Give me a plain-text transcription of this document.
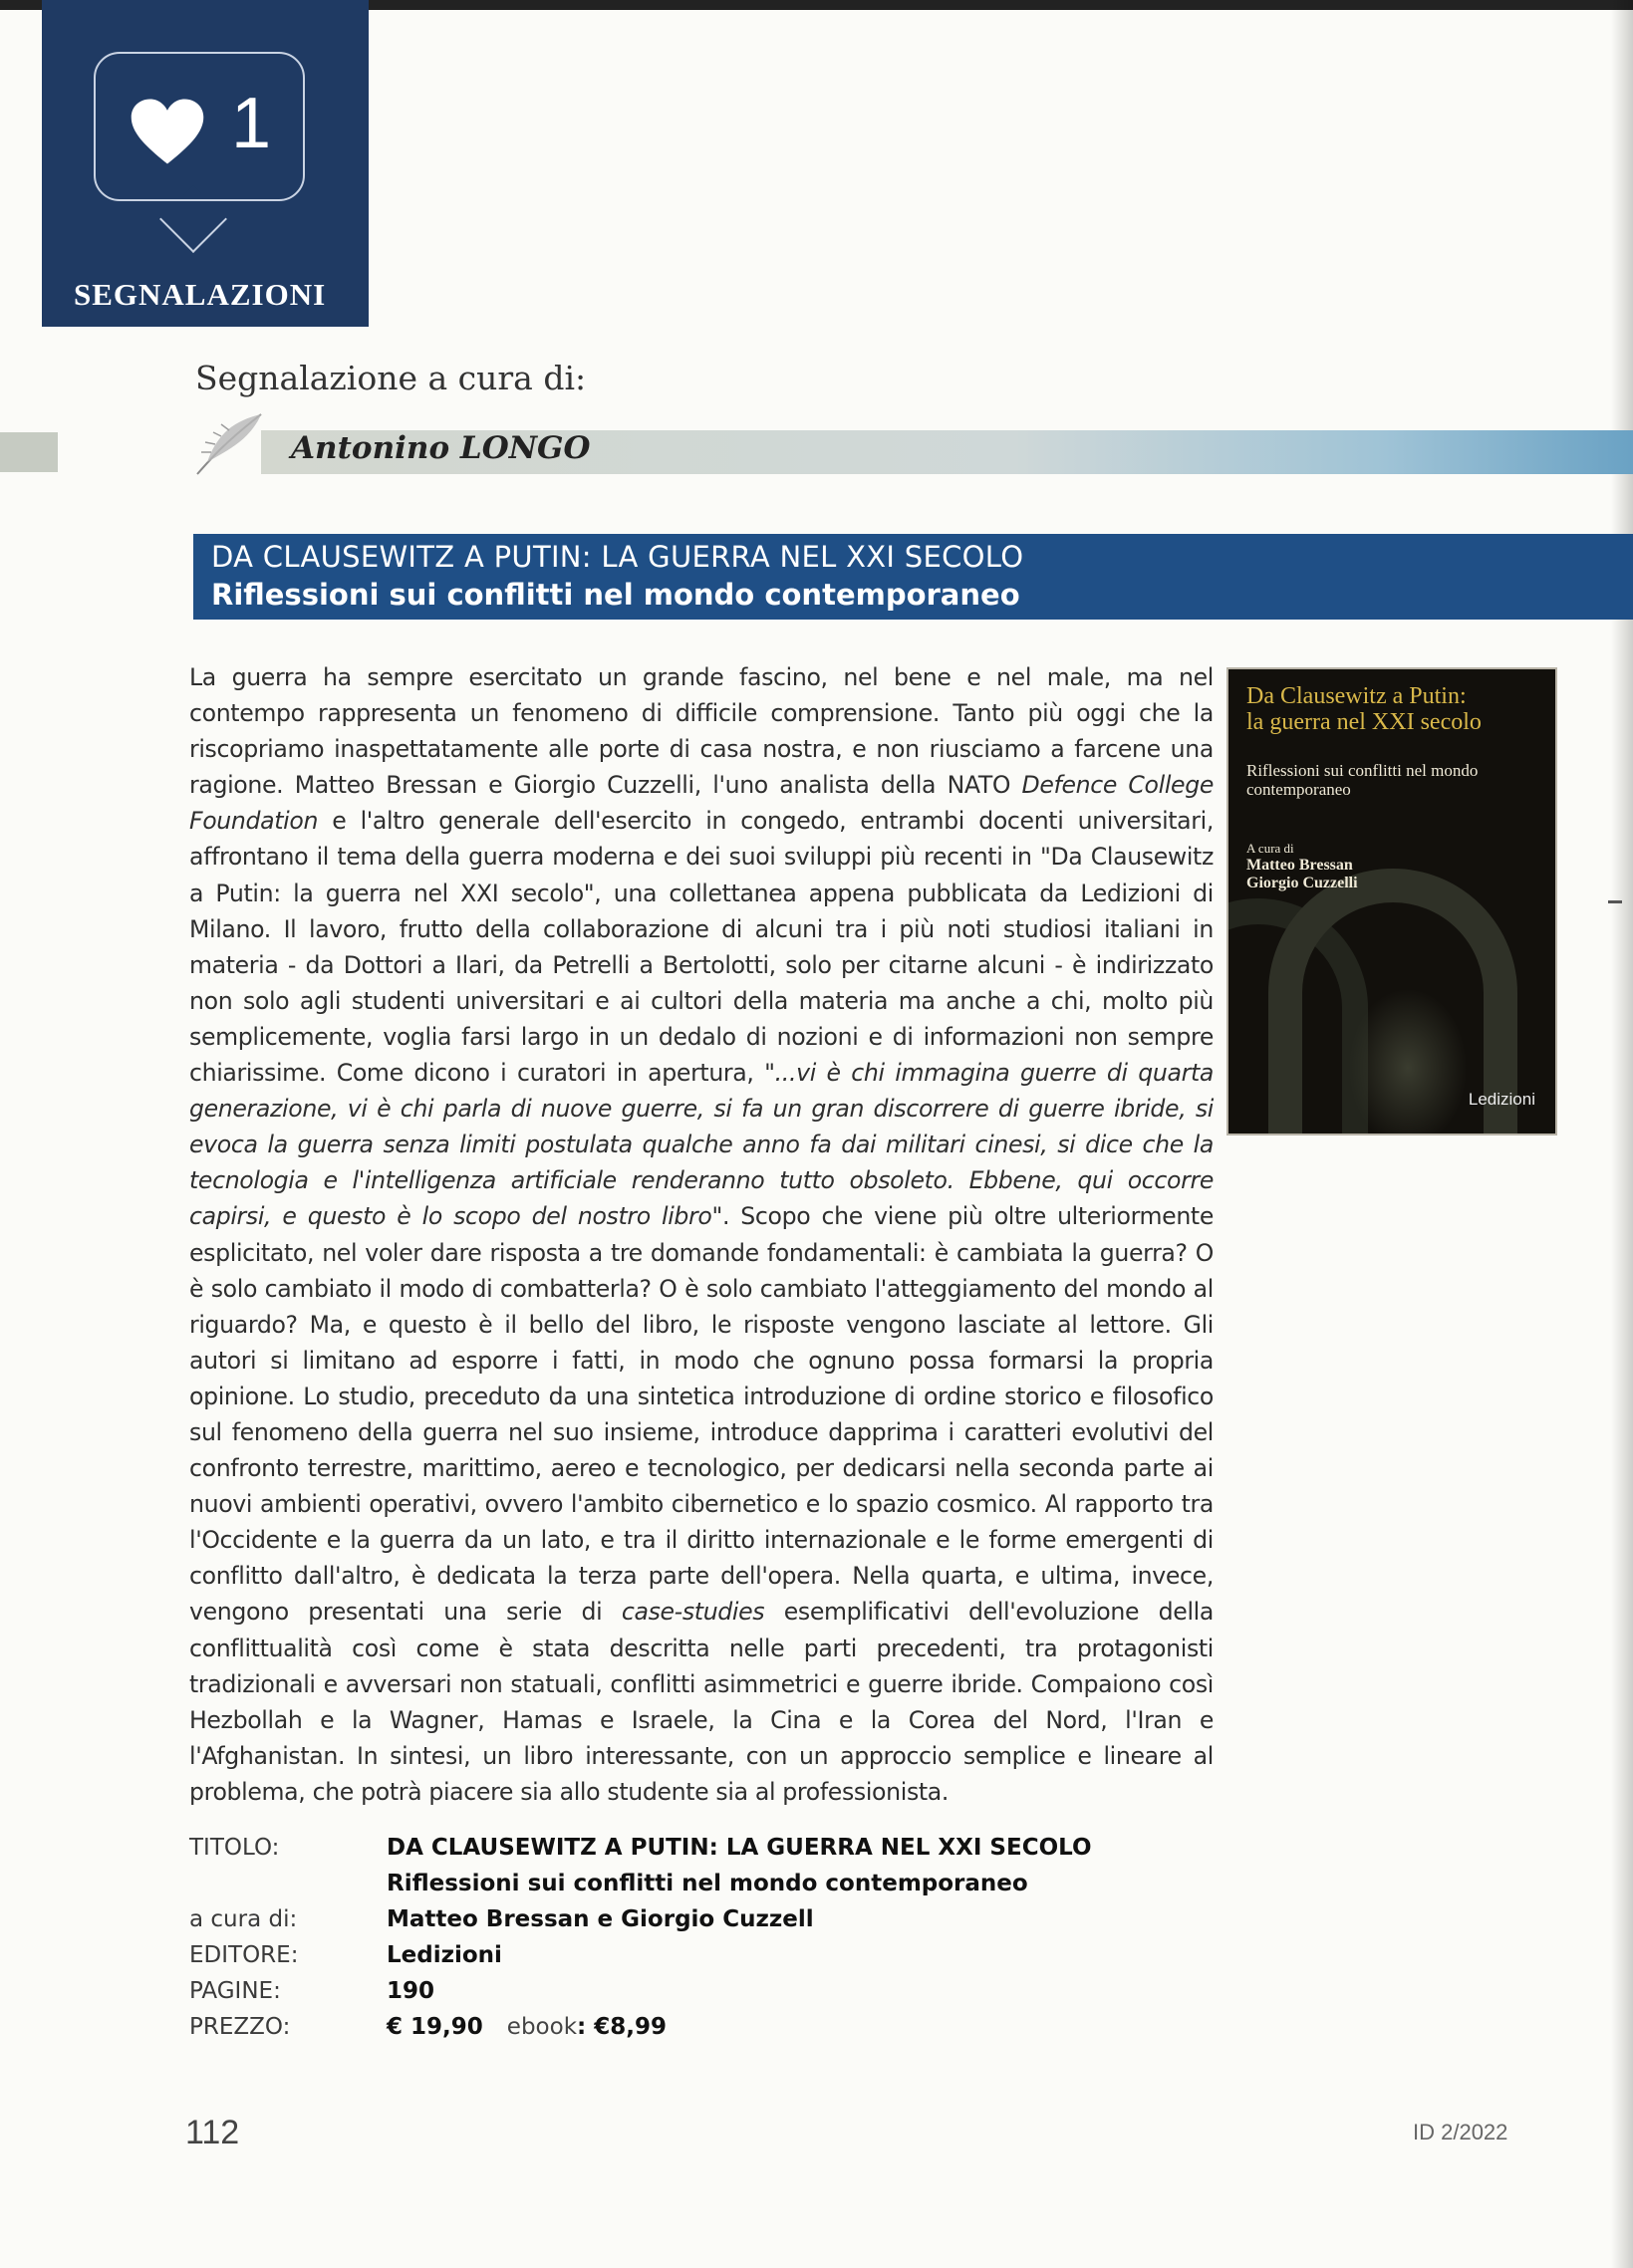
1
SEGNALAZIONI
Segnalazione a cura di:
Antonino LONGO
DA CLAUSEWITZ A PUTIN: LA GUERRA NEL XXI SECOLO
Riflessioni sui conflitti nel mondo contemporaneo
La guerra ha sempre esercitato un grande fascino, nel bene e nel male, ma nel contempo rappresenta un fenomeno di difficile comprensione. Tanto più oggi che la riscopriamo inaspettatamente alle porte di casa nostra, e non riusciamo a farcene una ragione. Matteo Bressan e Giorgio Cuzzelli, l'uno analista della NATO Defence College Foundation e l'altro generale dell'esercito in congedo, entrambi docenti universitari, affrontano il tema della guerra moderna e dei suoi sviluppi più recenti in "Da Clausewitz a Putin: la guerra nel XXI secolo", una collettanea appena pubblicata da Ledizioni di Milano. Il lavoro, frutto della collaborazione di alcuni tra i più noti studiosi italiani in materia - da Dottori a Ilari, da Petrelli a Bertolotti, solo per citarne alcuni - è indirizzato non solo agli studenti universitari e ai cultori della materia ma anche a chi, molto più semplicemente, voglia farsi largo in un dedalo di nozioni e di informazioni non sempre chiarissime. Come dicono i curatori in apertura, "...vi è chi immagina guerre di quarta generazione, vi è chi parla di nuove guerre, si fa un gran discorrere di guerre ibride, si evoca la guerra senza limiti postulata qualche anno fa dai militari cinesi, si dice che la tecnologia e l'intelligenza artificiale renderanno tutto obsoleto. Ebbene, qui occorre capirsi, e questo è lo scopo del nostro libro". Scopo che viene più oltre ulteriormente esplicitato, nel voler dare risposta a tre domande fondamentali: è cambiata la guerra? O è solo cambiato il modo di combatterla? O è solo cambiato l'atteggiamento del mondo al riguardo? Ma, e questo è il bello del libro, le risposte vengono lasciate al lettore. Gli autori si limitano ad esporre i fatti, in modo che ognuno possa formarsi la propria opinione. Lo studio, preceduto da una sintetica introduzione di ordine storico e filosofico sul fenomeno della guerra nel suo insieme, introduce dapprima i caratteri evolutivi del confronto terrestre, marittimo, aereo e tecnologico, per dedicarsi nella seconda parte ai nuovi ambienti operativi, ovvero l'ambito cibernetico e lo spazio cosmico. Al rapporto tra l'Occidente e la guerra da un lato, e tra il diritto internazionale e le forme emergenti di conflitto dall'altro, è dedicata la terza parte dell'opera. Nella quarta, e ultima, invece, vengono presentati una serie di case-studies esemplificativi dell'evoluzione della conflittualità così come è stata descritta nelle parti precedenti, tra protagonisti tradizionali e avversari non statuali, conflitti asimmetrici e guerre ibride. Compaiono così Hezbollah e la Wagner, Hamas e Israele, la Cina e la Corea del Nord, l'Iran e l'Afghanistan. In sintesi, un libro interessante, con un approccio semplice e lineare al problema, che potrà piacere sia allo studente sia al professionista.
Da Clausewitz a Putin:
la guerra nel XXI secolo
Riflessioni sui conflitti nel mondo
contemporaneo
A cura di
Matteo Bressan
Giorgio Cuzzelli
Ledizioni
TITOLO:	DA CLAUSEWITZ A PUTIN: LA GUERRA NEL XXI SECOLO
Riflessioni sui conflitti nel mondo contemporaneo
a cura di:	Matteo Bressan e Giorgio Cuzzell
EDITORE:	Ledizioni
PAGINE:	190
PREZZO:	€ 19,90 ebook: €8,99
112	ID 2/2022
